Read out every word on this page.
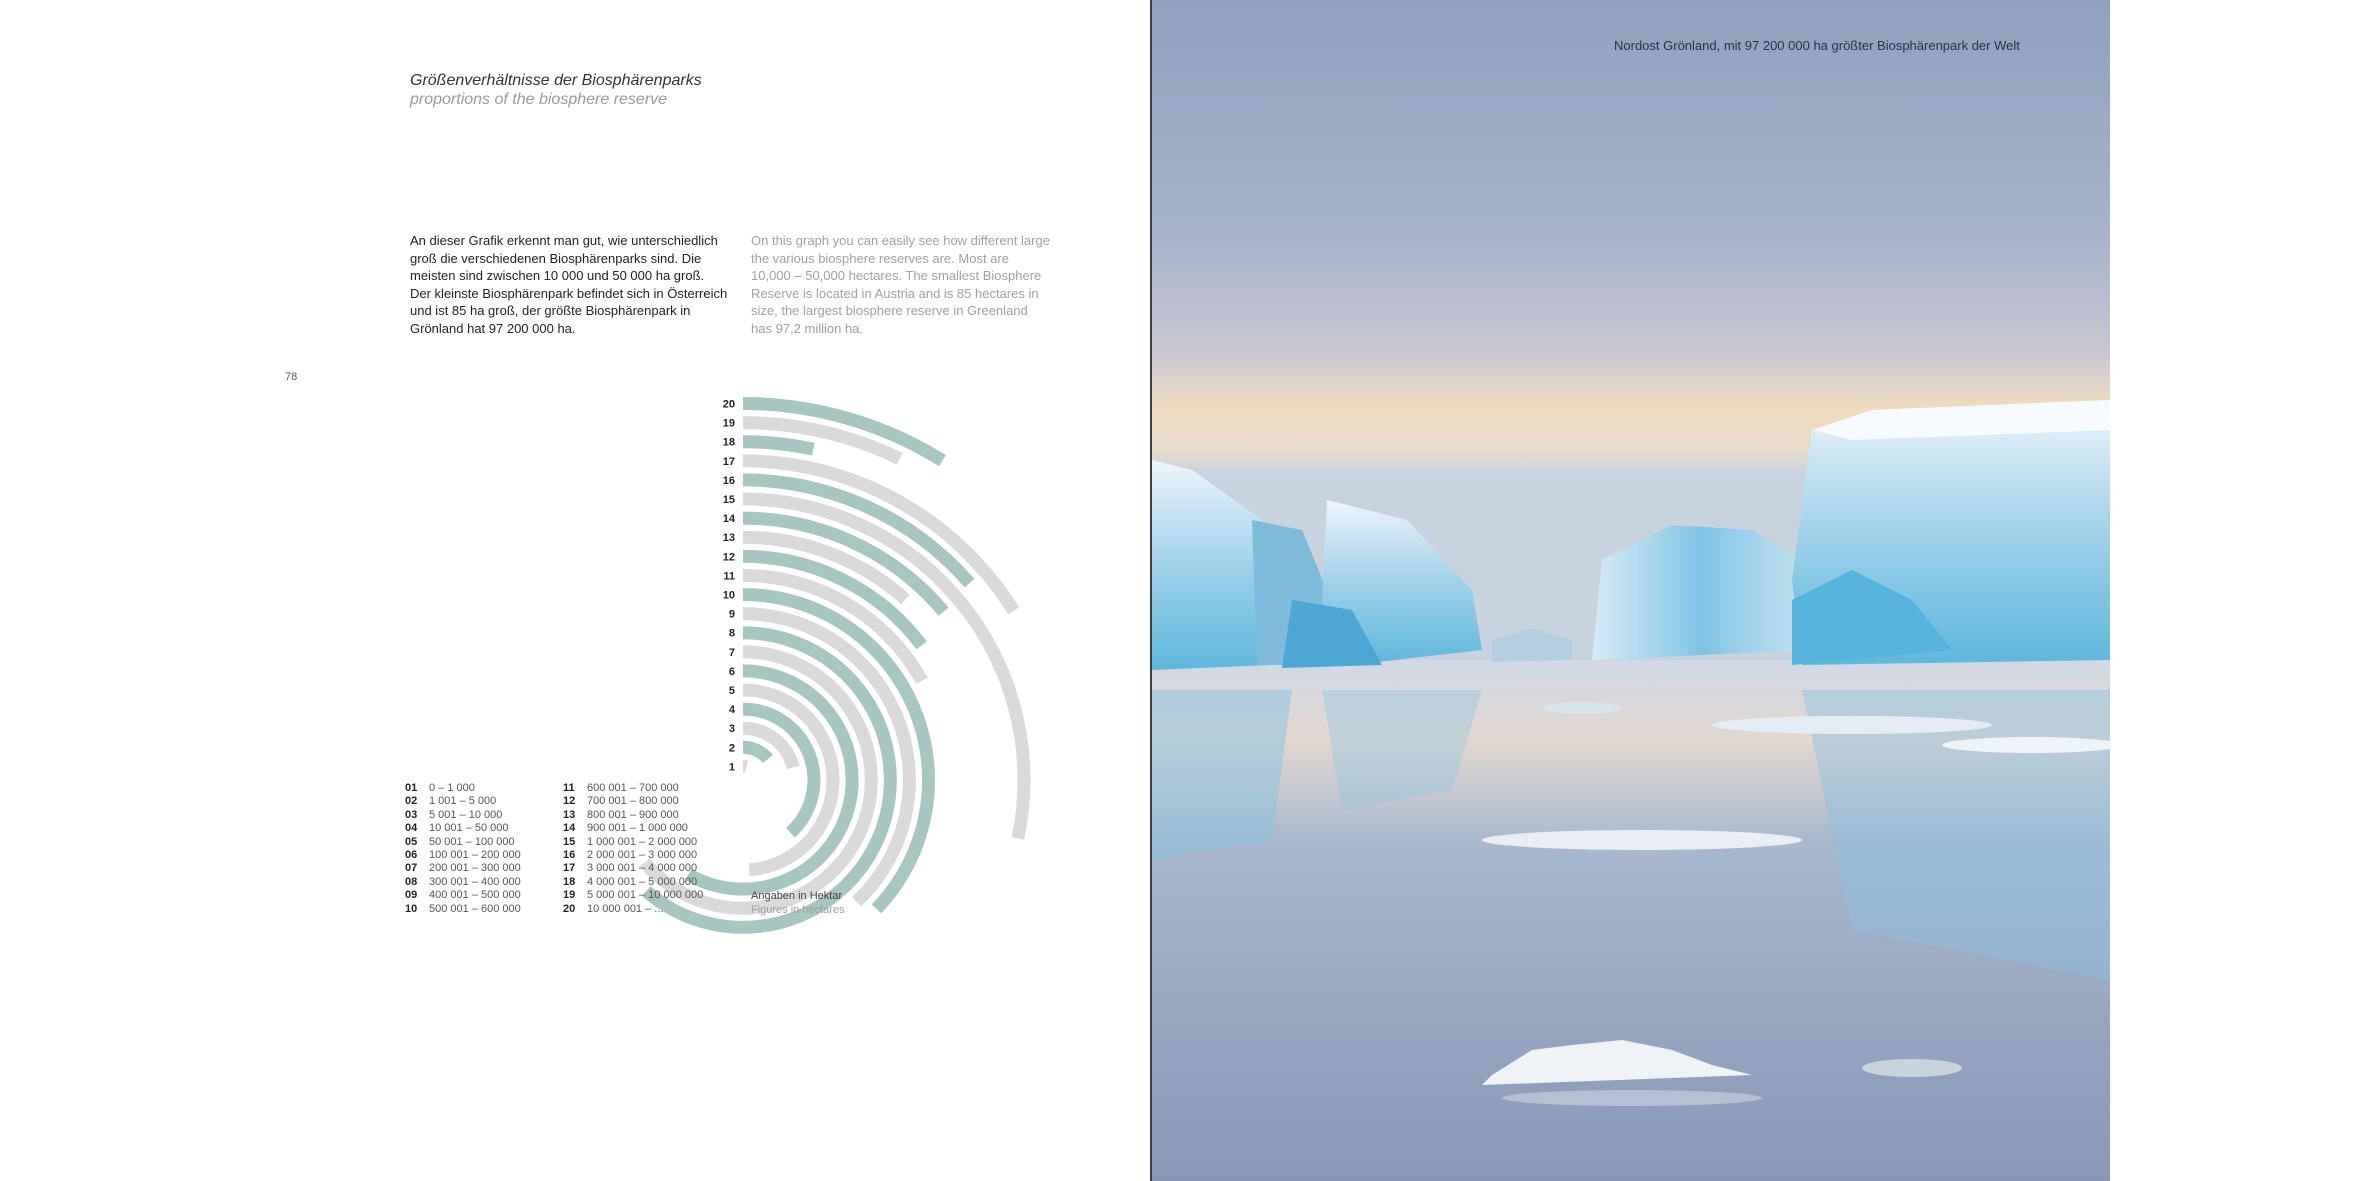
Größenverhältnisse der Biosphärenparks
proportions of the biosphere reserve
An dieser Grafik erkennt man gut, wie unterschiedlich groß die verschiedenen Biosphärenparks sind. Die meisten sind zwischen 10 000 und 50 000 ha groß. Der kleinste Biosphärenpark befindet sich in Österreich und ist 85 ha groß, der größte Biosphärenpark in Grönland hat 97 200 000 ha.
On this graph you can easily see how different large the various biosphere reserves are. Most are 10,000 – 50,000 hectares. The smallest Biosphere Reserve is located in Austria and is 85 hectares in size, the largest biosphere reserve in Greenland has 97,2 million ha.
78
1
2
3
4
5
6
7
8
9
10
11
12
13
14
15
16
17
18
19
20
01 0 – 1 000
02 1 001 – 5 000
03 5 001 – 10 000
04 10 001 – 50 000
05 50 001 – 100 000
06 100 001 – 200 000
07 200 001 – 300 000
08 300 001 – 400 000
09 400 001 – 500 000
10 500 001 – 600 000
11 600 001 – 700 000
12 700 001 – 800 000
13 800 001 – 900 000
14 900 001 – 1 000 000
15 1 000 001 – 2 000 000
16 2 000 001 – 3 000 000
17 3 000 001 – 4 000 000
18 4 000 001 – 5 000 000
19 5 000 001 – 10 000 000
20 10 000 001 – ...
Angaben in Hektar
Figures in hectares
Nordost Grönland, mit 97 200 000 ha größter Biosphärenpark der Welt
